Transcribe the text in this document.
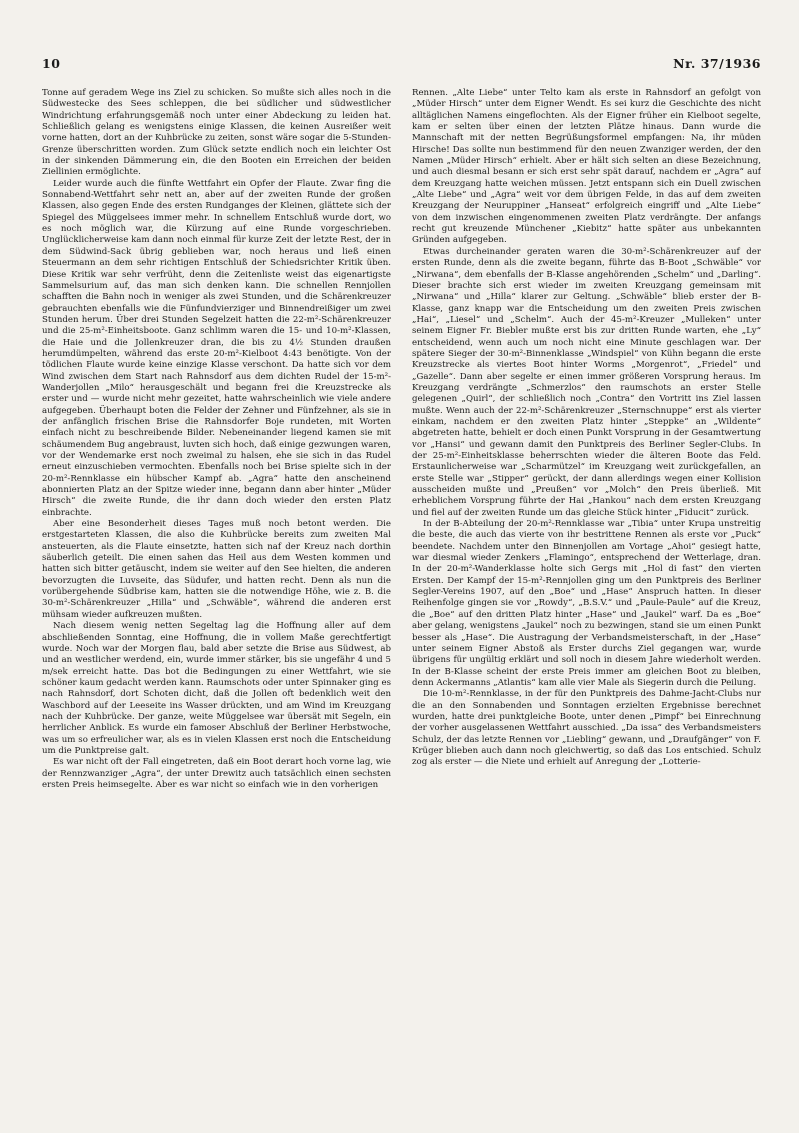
10	Nr. 37/1936

Tonne auf geradem Wege ins Ziel zu schicken. So mußte sich alles noch in die Südwestecke des Sees schleppen, die bei südlicher und südwestlicher Windrichtung erfahrungsgemäß noch unter einer Abdeckung zu leiden hat. Schließlich gelang es wenigstens einige Klassen, die keinen Ausreißer weit vorne hatten, dort an der Kuhbrücke zu zeiten, sonst wäre sogar die 5-Stunden-Grenze überschritten worden. Zum Glück setzte endlich noch ein leichter Ost in der sinkenden Dämmerung ein, die den Booten ein Erreichen der beiden Ziellinien ermöglichte.

Leider wurde auch die fünfte Wettfahrt ein Opfer der Flaute. Zwar fing die Sonnabend-Wettfahrt sehr nett an, aber auf der zweiten Runde der großen Klassen, also gegen Ende des ersten Rundganges der Kleinen, glättete sich der Spiegel des Müggelsees immer mehr. In schnellem Entschluß wurde dort, wo es noch möglich war, die Kürzung auf eine Runde vorgeschrieben. Unglücklicherweise kam dann noch einmal für kurze Zeit der letzte Rest, der in dem Südwind-Sack übrig geblieben war, noch heraus und ließ einen Steuermann an dem sehr richtigen Entschluß der Schiedsrichter Kritik üben. Diese Kritik war sehr verfrüht, denn die Zeitenliste weist das eigenartigste Sammelsurium auf, das man sich denken kann. Die schnellen Rennjollen schafften die Bahn noch in weniger als zwei Stunden, und die Schärenkreuzer gebrauchten ebenfalls wie die Fünfundvierziger und Binnendreißiger um zwei Stunden herum. Über drei Stunden Segelzeit hatten die 22-m²-Schärenkreuzer und die 25-m²-Einheitsboote. Ganz schlimm waren die 15- und 10-m²-Klassen, die Haie und die Jollenkreuzer dran, die bis zu 4½ Stunden draußen herumdümpelten, während das erste 20-m²-Kielboot 4:43 benötigte. Von der tödlichen Flaute wurde keine einzige Klasse verschont. Da hatte sich vor dem Wind zwischen dem Start nach Rahnsdorf aus dem dichten Rudel der 15-m²-Wanderjollen „Milo“ herausgeschält und begann frei die Kreuzstrecke als erster und — wurde nicht mehr gezeitet, hatte wahrscheinlich wie viele andere aufgegeben. Überhaupt boten die Felder der Zehner und Fünfzehner, als sie in der anfänglich frischen Brise die Rahnsdorfer Boje rundeten, mit Worten einfach nicht zu beschreibende Bilder. Nebeneinander liegend kamen sie mit schäumendem Bug angebraust, luvten sich hoch, daß einige gezwungen waren, vor der Wendemarke erst noch zweimal zu halsen, ehe sie sich in das Rudel erneut einzuschieben vermochten. Ebenfalls noch bei Brise spielte sich in der 20-m²-Rennklasse ein hübscher Kampf ab. „Agra“ hatte den anscheinend abonnierten Platz an der Spitze wieder inne, begann dann aber hinter „Müder Hirsch“ die zweite Runde, die ihr dann doch wieder den ersten Platz einbrachte.

Aber eine Besonderheit dieses Tages muß noch betont werden. Die erstgestarteten Klassen, die also die Kuhbrücke bereits zum zweiten Mal ansteuerten, als die Flaute einsetzte, hatten sich naf der Kreuz nach dorthin säuberlich geteilt. Die einen sahen das Heil aus dem Westen kommen und hatten sich bitter getäuscht, indem sie weiter auf den See hielten, die anderen bevorzugten die Luvseite, das Südufer, und hatten recht. Denn als nun die vorübergehende Südbrise kam, hatten sie die notwendige Höhe, wie z. B. die 30-m²-Schärenkreuzer „Hilla“ und „Schwäble“, während die anderen erst mühsam wieder aufkreuzen mußten.

Nach diesem wenig netten Segeltag lag die Hoffnung aller auf dem abschließenden Sonntag, eine Hoffnung, die in vollem Maße gerechtfertigt wurde. Noch war der Morgen flau, bald aber setzte die Brise aus Südwest, ab und an westlicher werdend, ein, wurde immer stärker, bis sie ungefähr 4 und 5 m/sek erreicht hatte. Das bot die Bedingungen zu einer Wettfahrt, wie sie schöner kaum gedacht werden kann. Raumschots oder unter Spinnaker ging es nach Rahnsdorf, dort Schoten dicht, daß die Jollen oft bedenklich weit den Waschbord auf der Leeseite ins Wasser drückten, und am Wind im Kreuzgang nach der Kuhbrücke. Der ganze, weite Müggelsee war übersät mit Segeln, ein herrlicher Anblick. Es wurde ein famoser Abschluß der Berliner Herbstwoche, was um so erfreulicher war, als es in vielen Klassen erst noch die Entscheidung um die Punktpreise galt.

Es war nicht oft der Fall eingetreten, daß ein Boot derart hoch vorne lag, wie der Rennzwanziger „Agra“, der unter Drewitz auch tatsächlich einen sechsten ersten Preis heimsegelte. Aber es war nicht so einfach wie in den vorherigen

Rennen. „Alte Liebe“ unter Telto kam als erste in Rahnsdorf an gefolgt von „Müder Hirsch“ unter dem Eigner Wendt. Es sei kurz die Geschichte des nicht alltäglichen Namens eingeflochten. Als der Eigner früher ein Kielboot segelte, kam er selten über einen der letzten Plätze hinaus. Dann wurde die Mannschaft mit der netten Begrüßungsformel empfangen: Na, ihr müden Hirsche! Das sollte nun bestimmend für den neuen Zwanziger werden, der den Namen „Müder Hirsch“ erhielt. Aber er hält sich selten an diese Bezeichnung, und auch diesmal besann er sich erst sehr spät darauf, nachdem er „Agra“ auf dem Kreuzgang hatte weichen müssen. Jetzt entspann sich ein Duell zwischen „Alte Liebe“ und „Agra“ weit vor dem übrigen Felde, in das auf dem zweiten Kreuzgang der Neuruppiner „Hanseat“ erfolgreich eingriff und „Alte Liebe“ von dem inzwischen eingenommenen zweiten Platz verdrängte. Der anfangs recht gut kreuzende Münchener „Kiebitz“ hatte später aus unbekannten Gründen aufgegeben.

Etwas durcheinander geraten waren die 30-m²-Schärenkreuzer auf der ersten Runde, denn als die zweite begann, führte das B-Boot „Schwäble“ vor „Nirwana“, dem ebenfalls der B-Klasse angehörenden „Schelm“ und „Darling“. Dieser brachte sich erst wieder im zweiten Kreuzgang gemeinsam mit „Nirwana“ und „Hilla“ klarer zur Geltung. „Schwäble“ blieb erster der B-Klasse, ganz knapp war die Entscheidung um den zweiten Preis zwischen „Hai“, „Liesel“ und „Schelm“. Auch der 45-m²-Kreuzer „Mulleken“ unter seinem Eigner Fr. Biebler mußte erst bis zur dritten Runde warten, ehe „Ly“ entscheidend, wenn auch um noch nicht eine Minute geschlagen war. Der spätere Sieger der 30-m²-Binnenklasse „Windspiel“ von Kühn begann die erste Kreuzstrecke als viertes Boot hinter Worms „Morgenrot“, „Friedel“ und „Gazelle“. Dann aber segelte er einen immer größeren Vorsprung heraus. Im Kreuzgang verdrängte „Schmerzlos“ den raumschots an erster Stelle gelegenen „Quirl“, der schließlich noch „Contra“ den Vortritt ins Ziel lassen mußte. Wenn auch der 22-m²-Schärenkreuzer „Sternschnuppe“ erst als vierter einkam, nachdem er den zweiten Platz hinter „Steppke“ an „Wildente“ abgetreten hatte, behielt er doch einen Punkt Vorsprung in der Gesamtwertung vor „Hansi“ und gewann damit den Punktpreis des Berliner Segler-Clubs. In der 25-m²-Einheitsklasse beherrschten wieder die älteren Boote das Feld. Erstaunlicherweise war „Scharmützel“ im Kreuzgang weit zurückgefallen, an erste Stelle war „Stipper“ gerückt, der dann allerdings wegen einer Kollision ausscheiden mußte und „Preußen“ vor „Molch“ den Preis überließ. Mit erheblichem Vorsprung führte der Hai „Hankou“ nach dem ersten Kreuzgang und fiel auf der zweiten Runde um das gleiche Stück hinter „Fiducit“ zurück.

In der B-Abteilung der 20-m²-Rennklasse war „Tibia“ unter Krupa unstreitig die beste, die auch das vierte von ihr bestrittene Rennen als erste vor „Puck“ beendete. Nachdem unter den Binnenjollen am Vortage „Ahoi“ gesiegt hatte, war diesmal wieder Zenkers „Flamingo“, entsprechend der Wetterlage, dran. In der 20-m²-Wanderklasse holte sich Gergs mit „Hol di fast“ den vierten Ersten. Der Kampf der 15-m²-Rennjollen ging um den Punktpreis des Berliner Segler-Vereins 1907, auf den „Boe“ und „Hase“ Anspruch hatten. In dieser Reihenfolge gingen sie vor „Rowdy“, „B.S.V.“ und „Paule-Paule“ auf die Kreuz, die „Boe“ auf den dritten Platz hinter „Hase“ und „Jaukel“ warf. Da es „Boe“ aber gelang, wenigstens „Jaukel“ noch zu bezwingen, stand sie um einen Punkt besser als „Hase“. Die Austragung der Verbandsmeisterschaft, in der „Hase“ unter seinem Eigner Abstoß als Erster durchs Ziel gegangen war, wurde übrigens für ungültig erklärt und soll noch in diesem Jahre wiederholt werden. In der B-Klasse scheint der erste Preis immer am gleichen Boot zu bleiben, denn Ackermanns „Atlantis“ kam alle vier Male als Siegerin durch die Peilung.

Die 10-m²-Rennklasse, in der für den Punktpreis des Dahme-Jacht-Clubs nur die an den Sonnabenden und Sonntagen erzielten Ergebnisse berechnet wurden, hatte drei punktgleiche Boote, unter denen „Pimpf“ bei Einrechnung der vorher ausgelassenen Wettfahrt ausschied. „Da issa“ des Verbandsmeisters Schulz, der das letzte Rennen vor „Liebling“ gewann, und „Draufgänger“ von F. Krüger blieben auch dann noch gleichwertig, so daß das Los entschied. Schulz zog als erster — die Niete und erhielt auf Anregung der „Lotterie-
